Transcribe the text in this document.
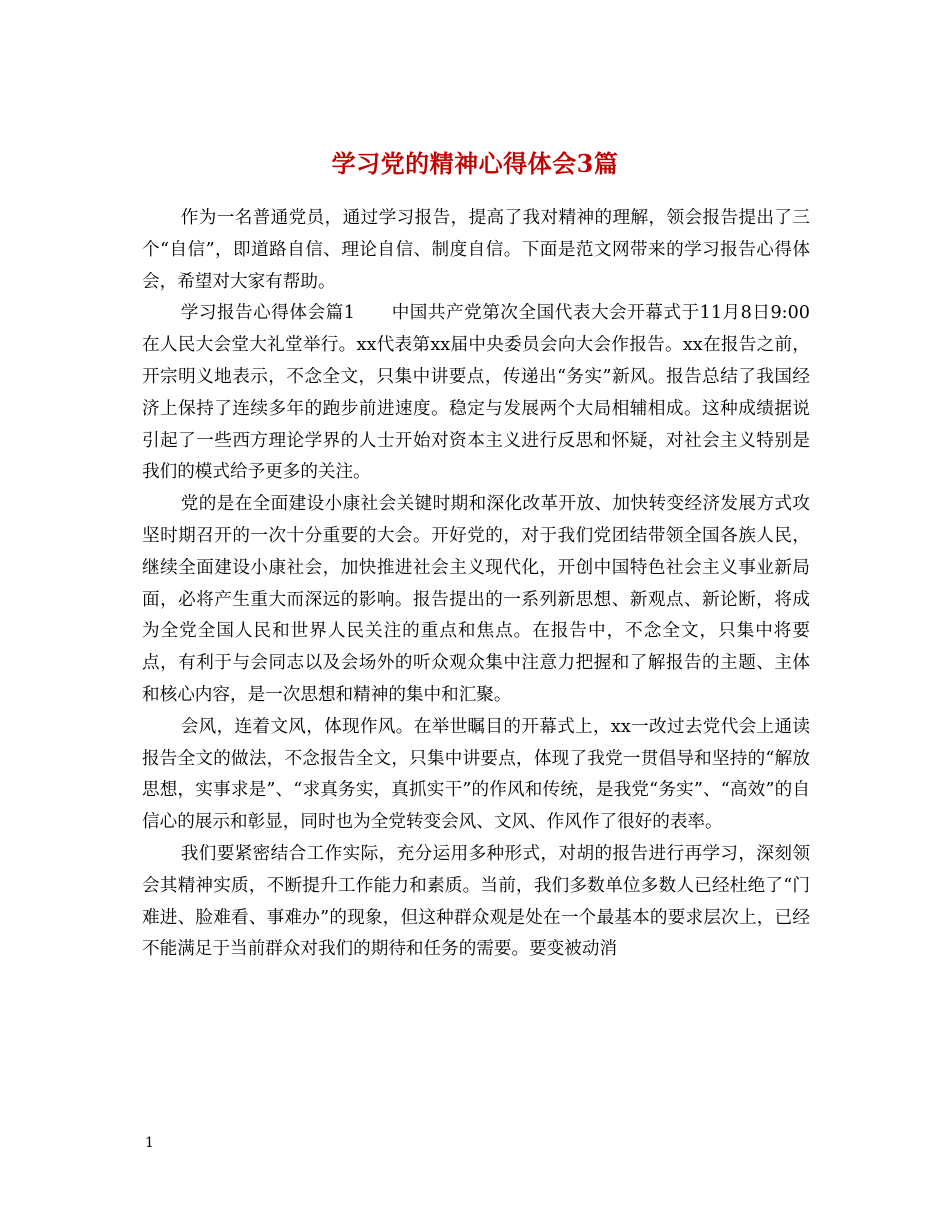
学习党的精神心得体会3篇

作为一名普通党员，通过学习报告，提高了我对精神的理解，领会报告提出了三个“自信”，即道路自信、理论自信、制度自信。下面是范文网带来的学习报告心得体会，希望对大家有帮助。

学习报告心得体会篇1　　中国共产党第次全国代表大会开幕式于11月8日9:00在人民大会堂大礼堂举行。xx代表第xx届中央委员会向大会作报告。xx在报告之前，开宗明义地表示，不念全文，只集中讲要点，传递出“务实”新风。报告总结了我国经济上保持了连续多年的跑步前进速度。稳定与发展两个大局相辅相成。这种成绩据说引起了一些西方理论学界的人士开始对资本主义进行反思和怀疑，对社会主义特别是我们的模式给予更多的关注。

党的是在全面建设小康社会关键时期和深化改革开放、加快转变经济发展方式攻坚时期召开的一次十分重要的大会。开好党的，对于我们党团结带领全国各族人民，继续全面建设小康社会，加快推进社会主义现代化，开创中国特色社会主义事业新局面，必将产生重大而深远的影响。报告提出的一系列新思想、新观点、新论断，将成为全党全国人民和世界人民关注的重点和焦点。在报告中，不念全文，只集中将要点，有利于与会同志以及会场外的听众观众集中注意力把握和了解报告的主题、主体和核心内容，是一次思想和精神的集中和汇聚。

会风，连着文风，体现作风。在举世瞩目的开幕式上，xx一改过去党代会上通读报告全文的做法，不念报告全文，只集中讲要点，体现了我党一贯倡导和坚持的“解放思想，实事求是”、“求真务实，真抓实干”的作风和传统，是我党“务实”、“高效”的自信心的展示和彰显，同时也为全党转变会风、文风、作风作了很好的表率。

我们要紧密结合工作实际，充分运用多种形式，对胡的报告进行再学习，深刻领会其精神实质，不断提升工作能力和素质。当前，我们多数单位多数人已经杜绝了“门难进、脸难看、事难办”的现象，但这种群众观是处在一个最基本的要求层次上，已经不能满足于当前群众对我们的期待和任务的需要。要变被动消

1
